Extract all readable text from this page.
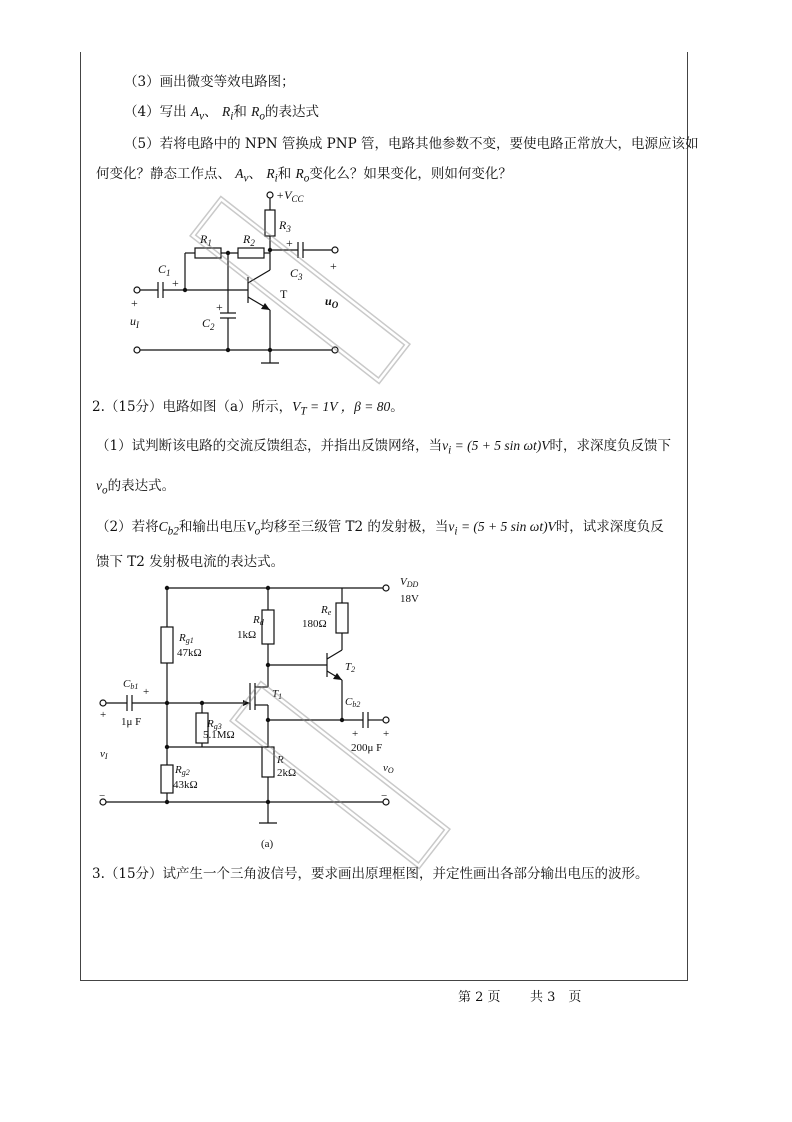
（3）画出微变等效电路图；
（4）写出 $A_v$、 $R_i$和 $R_o$的表达式
（5）若将电路中的 NPN 管换成 PNP 管，电路其他参数不变，要使电路正常放大，电源应该如
何变化？静态工作点、 $A_v$、 $R_i$和 $R_o$变化么？如果变化，则如何变化？
$+V_{CC}$
$R_3$
$R_1$	$R_2$
$C_1$
+
$C_3$
+
+
T
$C_2$
+
+
$u_I$
$u_O$
2.（15分）电路如图（a）所示，$V_T = 1V$ ，β = 80。
（1）试判断该电路的交流反馈组态，并指出反馈网络，当$v_i = (5 + 5$ sin ωt)V时，求深度负反馈下
$v_o$的表达式。
（2）若将$C_{b2}$和输出电压$V_o$均移至三级管 T2 的发射极，当$v_i = (5 + 5$ sin ωt)V时，试求深度负反
馈下 T2 发射极电流的表达式。
VDD
18V
Re
180Ω
Rd
1kΩ
Rg1
47kΩ
T2
T1
Cb1 +
+
1μ F	Rg3
5.1MΩ
vI
Cb2
+ +
200μ F
R
2kΩ
Rg2
43kΩ
vO
−	−
(a)
3.（15分）试产生一个三角波信号，要求画出原理框图，并定性画出各部分输出电压的波形。
第 2 页 共 3　页
